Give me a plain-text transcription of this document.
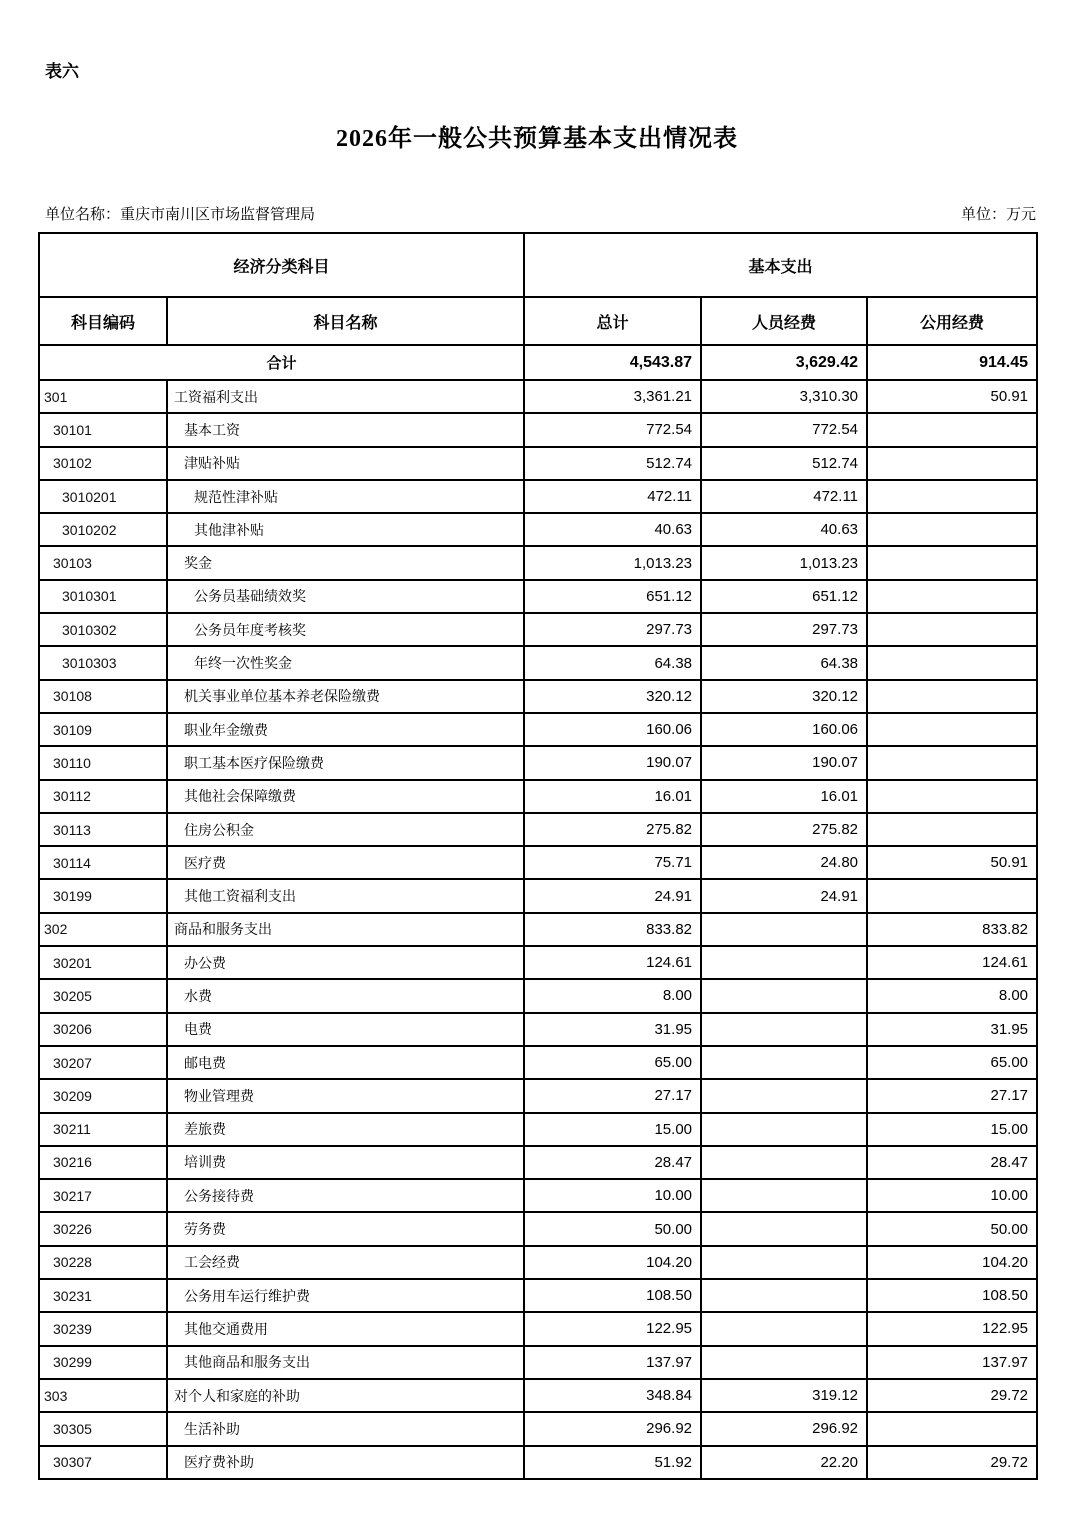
表六
2026年一般公共预算基本支出情况表
单位名称：重庆市南川区市场监督管理局	单位：万元
经济分类科目		基本支出		
科目编码	科目名称	总计	人员经费	公用经费
合计		4,543.87	3,629.42	914.45
301	工资福利支出	3,361.21	3,310.30	50.91
30101	基本工资	772.54	772.54	
30102	津贴补贴	512.74	512.74	
3010201	规范性津补贴	472.11	472.11	
3010202	其他津补贴	40.63	40.63	
30103	奖金	1,013.23	1,013.23	
3010301	公务员基础绩效奖	651.12	651.12	
3010302	公务员年度考核奖	297.73	297.73	
3010303	年终一次性奖金	64.38	64.38	
30108	机关事业单位基本养老保险缴费	320.12	320.12	
30109	职业年金缴费	160.06	160.06	
30110	职工基本医疗保险缴费	190.07	190.07	
30112	其他社会保障缴费	16.01	16.01	
30113	住房公积金	275.82	275.82	
30114	医疗费	75.71	24.80	50.91
30199	其他工资福利支出	24.91	24.91	
302	商品和服务支出	833.82		833.82
30201	办公费	124.61		124.61
30205	水费	8.00		8.00
30206	电费	31.95		31.95
30207	邮电费	65.00		65.00
30209	物业管理费	27.17		27.17
30211	差旅费	15.00		15.00
30216	培训费	28.47		28.47
30217	公务接待费	10.00		10.00
30226	劳务费	50.00		50.00
30228	工会经费	104.20		104.20
30231	公务用车运行维护费	108.50		108.50
30239	其他交通费用	122.95		122.95
30299	其他商品和服务支出	137.97		137.97
303	对个人和家庭的补助	348.84	319.12	29.72
30305	生活补助	296.92	296.92	
30307	医疗费补助	51.92	22.20	29.72
